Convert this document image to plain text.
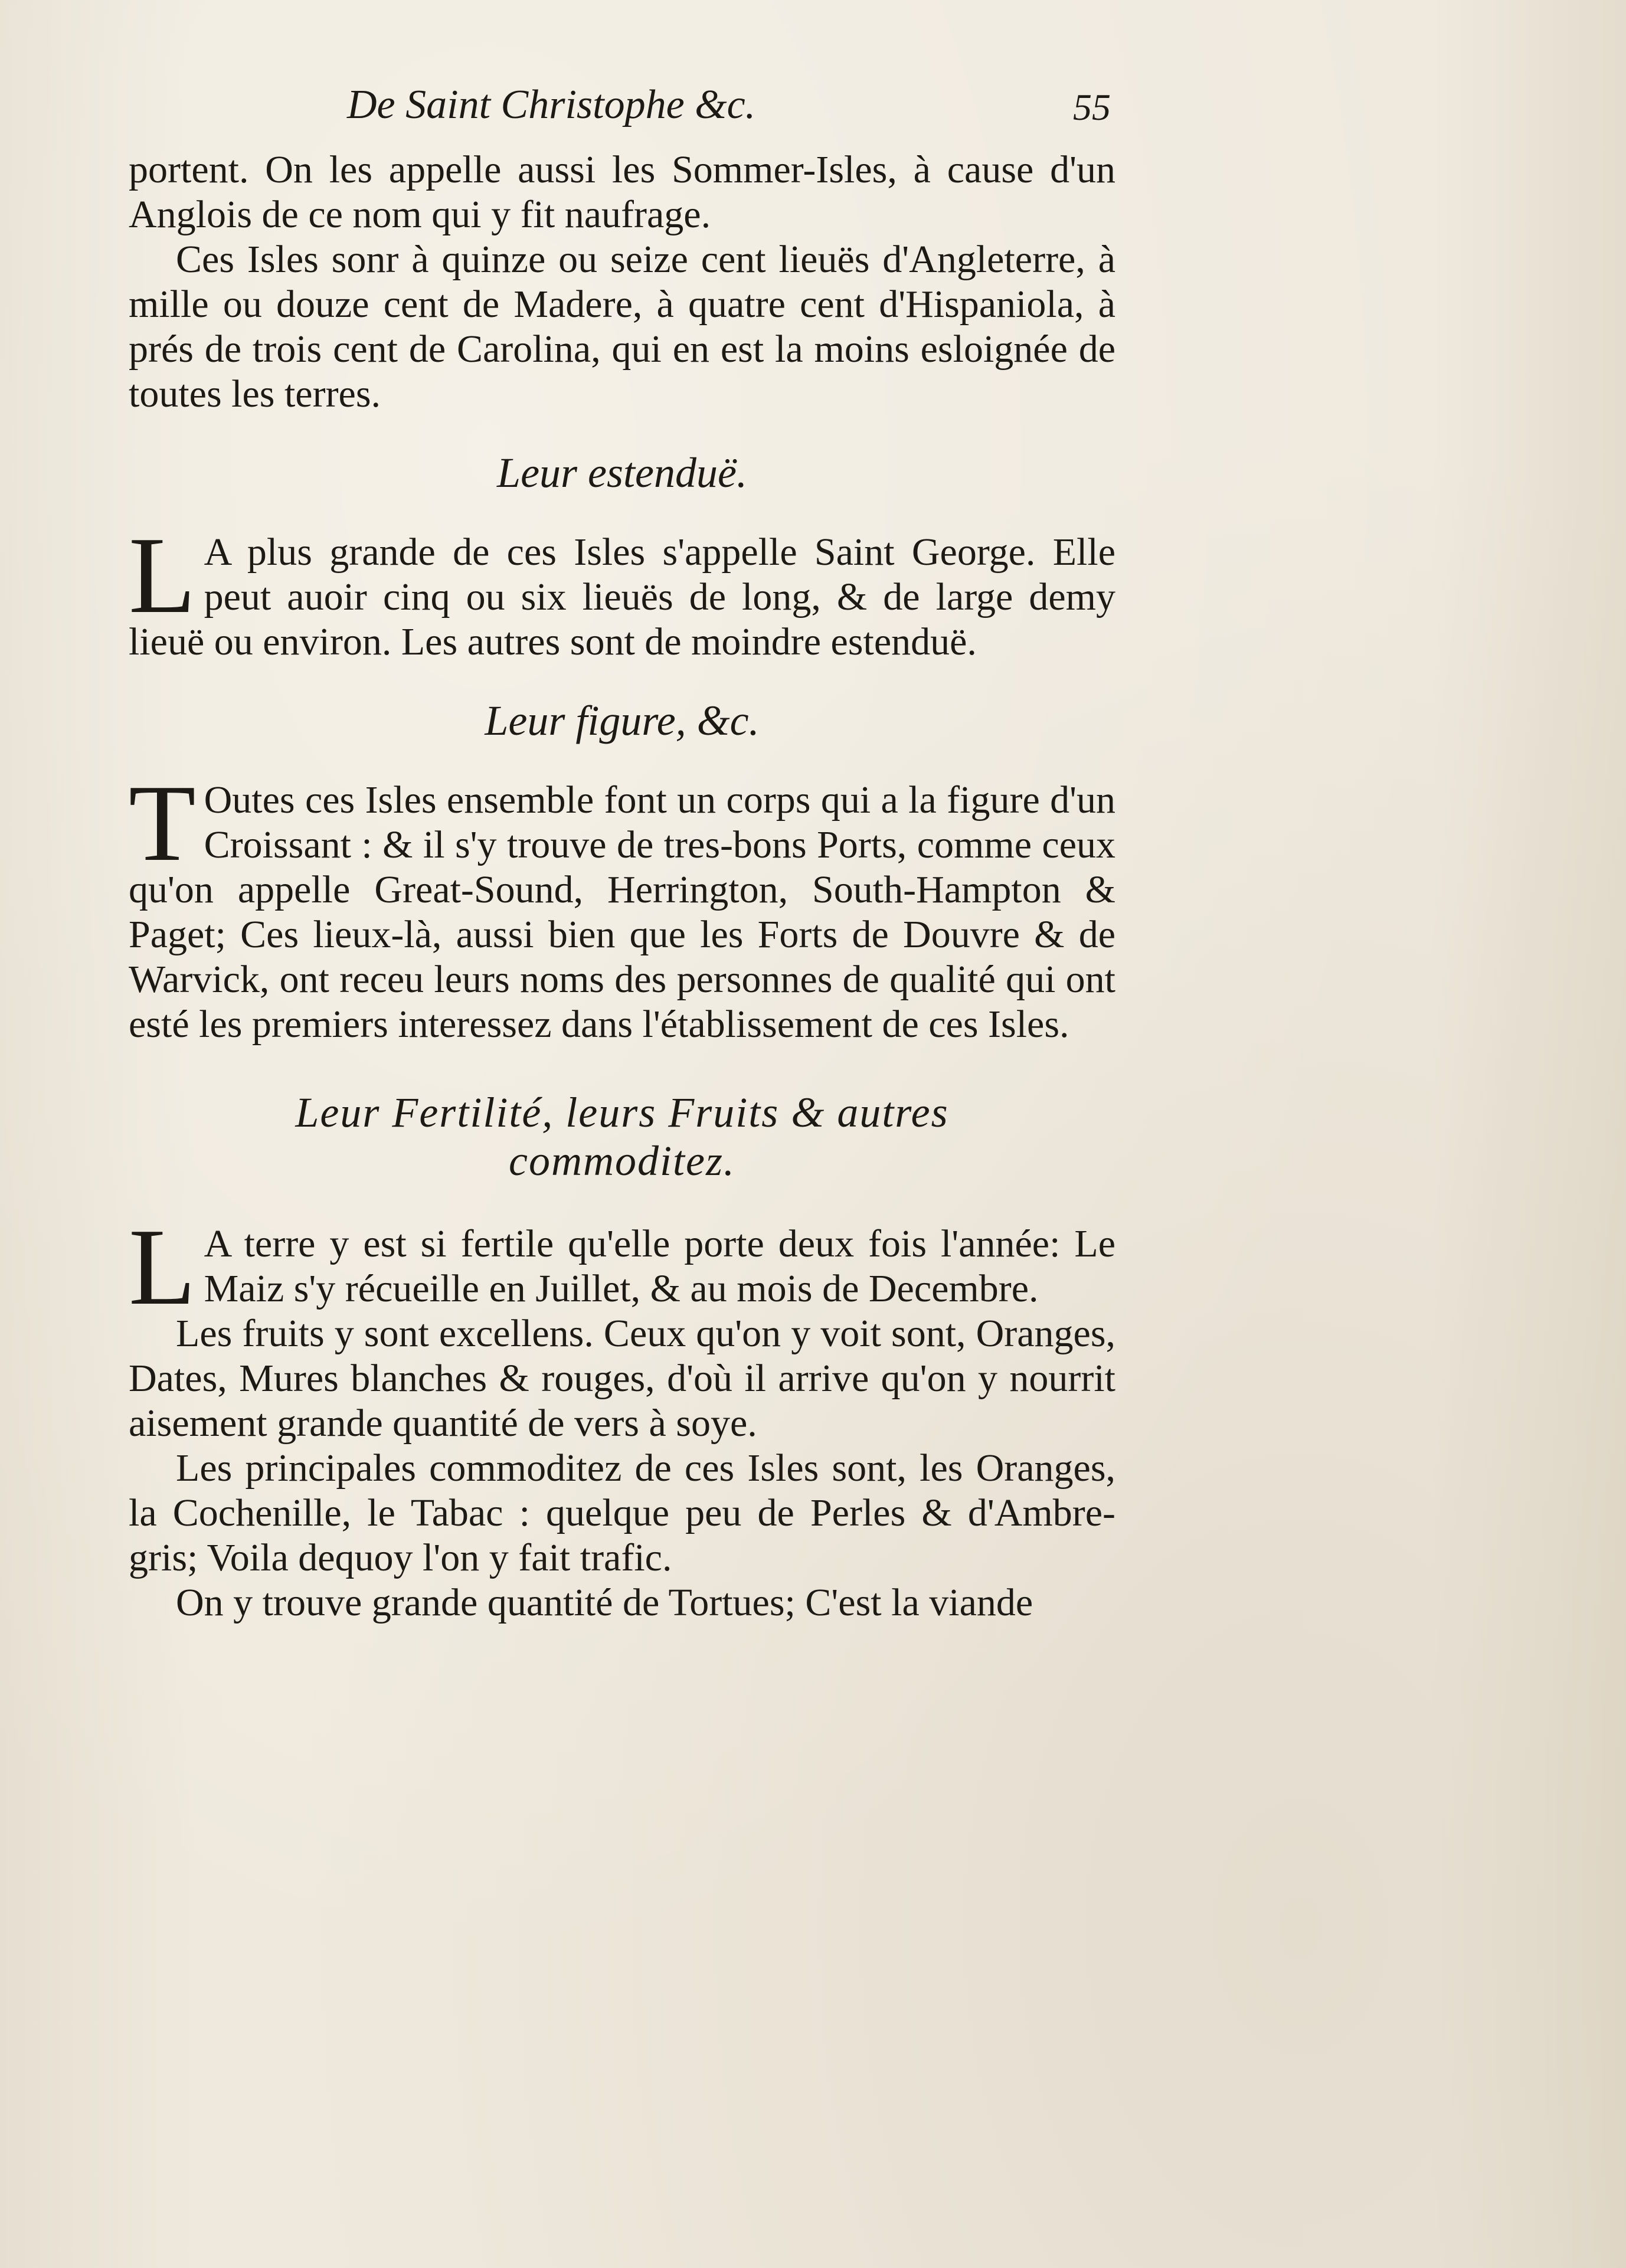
De Saint Christophe &c.	55

portent. On les appelle aussi les Sommer-Isles, à cause d'un Anglois de ce nom qui y fit naufrage.

Ces Isles sonr à quinze ou seize cent lieuës d'Angleterre, à mille ou douze cent de Madere, à quatre cent d'Hispaniola, à prés de trois cent de Carolina, qui en est la moins esloignée de toutes les terres.

Leur estenduë.
L A plus grande de ces Isles s'appelle Saint George. Elle peut auoir cinq ou six lieuës de long, & de large demy lieuë ou environ. Les autres sont de moindre estenduë.

Leur figure, &c.
T Outes ces Isles ensemble font un corps qui a la figure d'un Croissant : & il s'y trouve de tres-bons Ports, comme ceux qu'on appelle Great-Sound, Herrington, South-Hampton & Paget; Ces lieux-là, aussi bien que les Forts de Douvre & de Warvick, ont receu leurs noms des personnes de qualité qui ont esté les premiers interessez dans l'établissement de ces Isles.

Leur Fertilité, leurs Fruits & autres
commoditez.
L A terre y est si fertile qu'elle porte deux fois l'année: Le Maiz s'y récueille en Juillet, & au mois de Decembre.

Les fruits y sont excellens. Ceux qu'on y voit sont, Oranges, Dates, Mures blanches & rouges, d'où il arrive qu'on y nourrit aisement grande quantité de vers à soye.

Les principales commoditez de ces Isles sont, les Oranges, la Cochenille, le Tabac : quelque peu de Perles & d'Ambre-gris; Voila dequoy l'on y fait trafic.

On y trouve grande quantité de Tortues; C'est la viande
